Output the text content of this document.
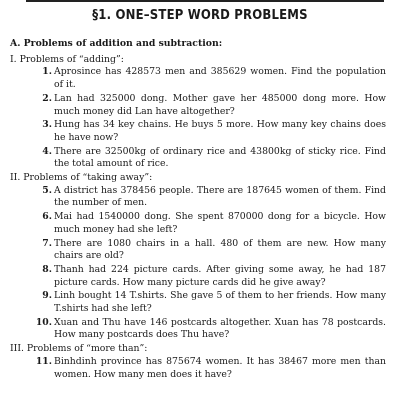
§1. ONE–STEP WORD PROBLEMS
A. Problems of addition and subtraction:
I. Problems of “adding”:
1. Aprosince has 428573 men and 385629 women. Find the population of it.
2. Lan had 325000 dong. Mother gave her 485000 dong more. How much money did Lan have altogether?
3. Hung has 34 key chains. He buys 5 more. How many key chains does he have now?
4. There are 32500kg of ordinary rice and 43800kg of sticky rice. Find the total amount of rice.
II. Problems of “taking away”:
5. A district has 378456 people. There are 187645 women of them. Find the number of men.
6. Mai had 1540000 dong. She spent 870000 dong for a bicycle. How much money had she left?
7. There are 1080 chairs in a hall. 480 of them are new. How many chairs are old?
8. Thanh had 224 picture cards. After giving some away, he had 187 picture cards. How many picture cards did he give away?
9. Linh bought 14 T.shirts. She gave 5 of them to her friends. How many T.shirts had she left?
10. Xuan and Thu have 146 postcards altogether. Xuan has 78 postcards. How many postcards does Thu have?
III. Problems of “more than”:
11. Binhdinh province has 875674 women. It has 38467 more men than women. How many men does it have?
